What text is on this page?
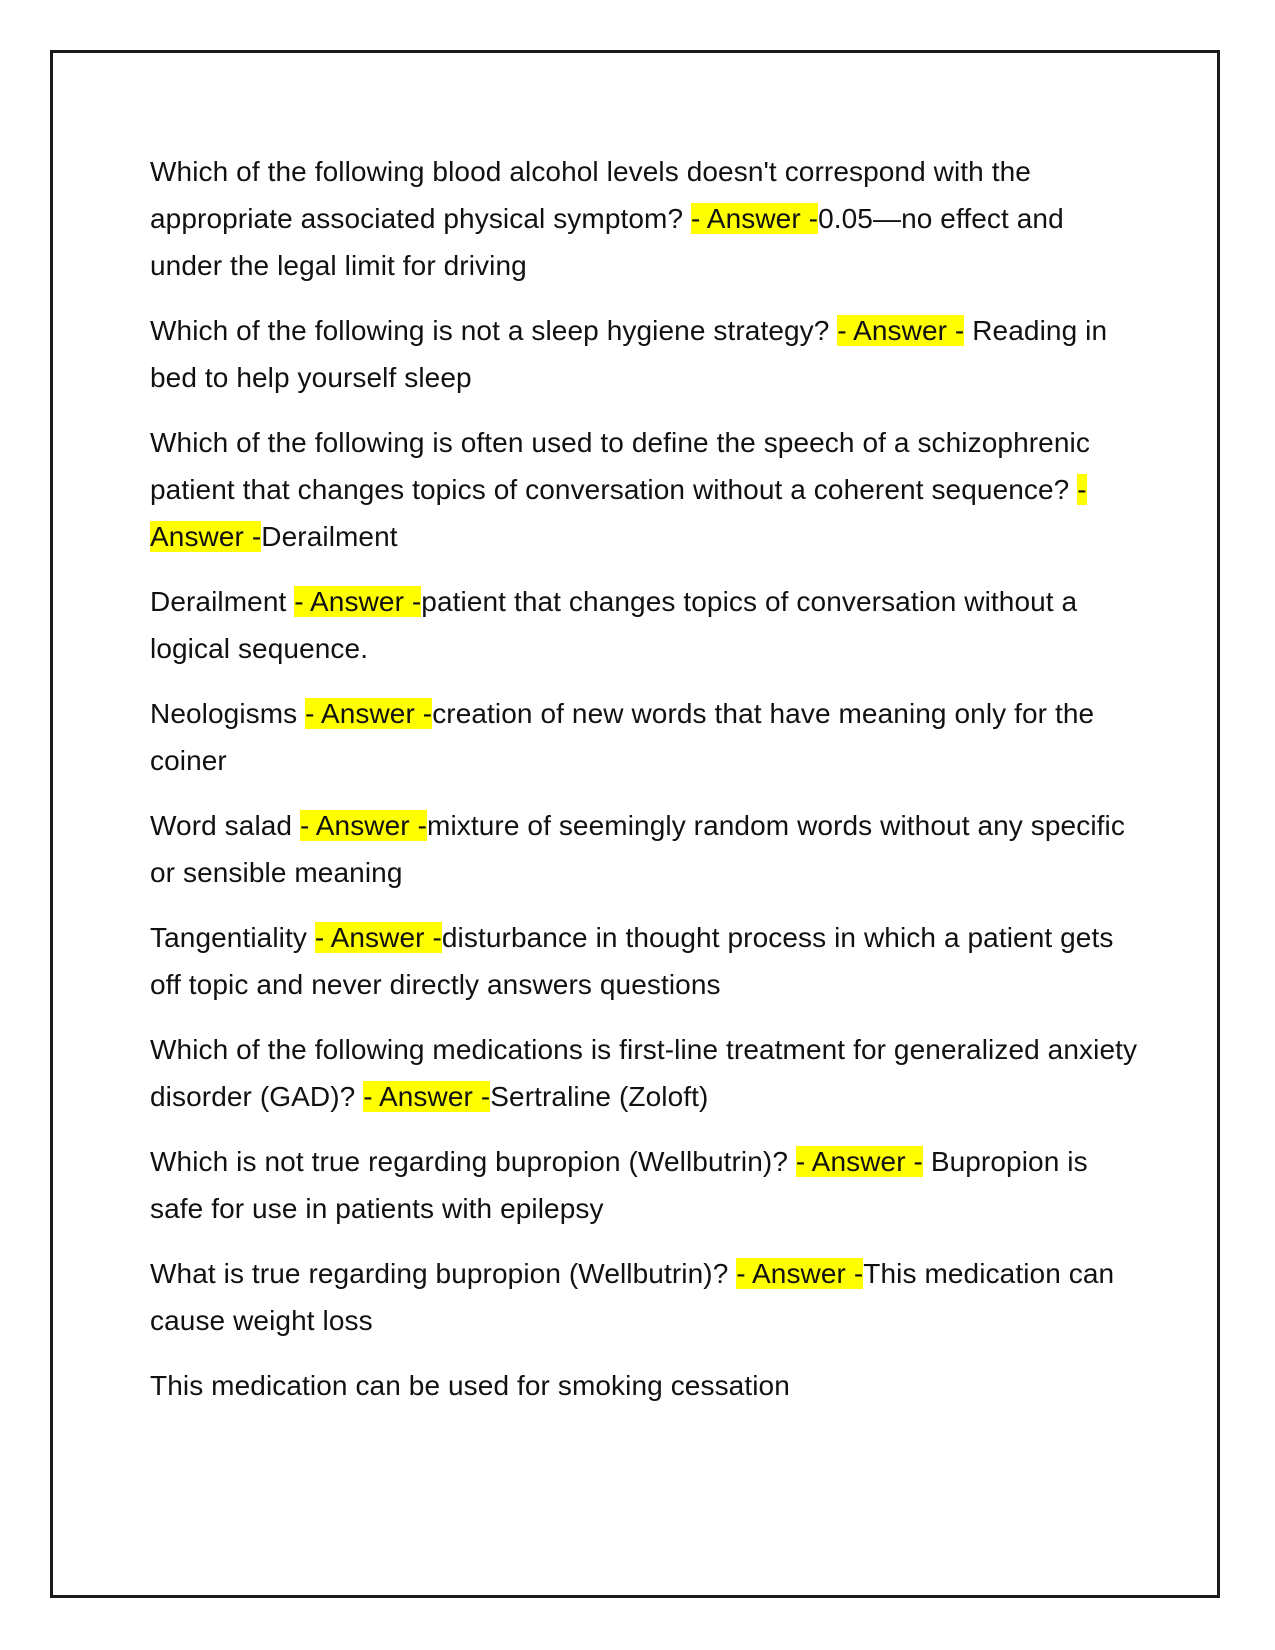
Which of the following blood alcohol levels doesn't correspond with the appropriate associated physical symptom? - Answer -0.05—no effect and under the legal limit for driving

Which of the following is not a sleep hygiene strategy? - Answer - Reading in bed to help yourself sleep

Which of the following is often used to define the speech of a schizophrenic patient that changes topics of conversation without a coherent sequence? - Answer -Derailment

Derailment - Answer -patient that changes topics of conversation without a logical sequence.

Neologisms - Answer -creation of new words that have meaning only for the coiner

Word salad - Answer -mixture of seemingly random words without any specific or sensible meaning

Tangentiality - Answer -disturbance in thought process in which a patient gets off topic and never directly answers questions

Which of the following medications is first-line treatment for generalized anxiety disorder (GAD)? - Answer -Sertraline (Zoloft)

Which is not true regarding bupropion (Wellbutrin)? - Answer - Bupropion is safe for use in patients with epilepsy

What is true regarding bupropion (Wellbutrin)? - Answer -This medication can cause weight loss

This medication can be used for smoking cessation
